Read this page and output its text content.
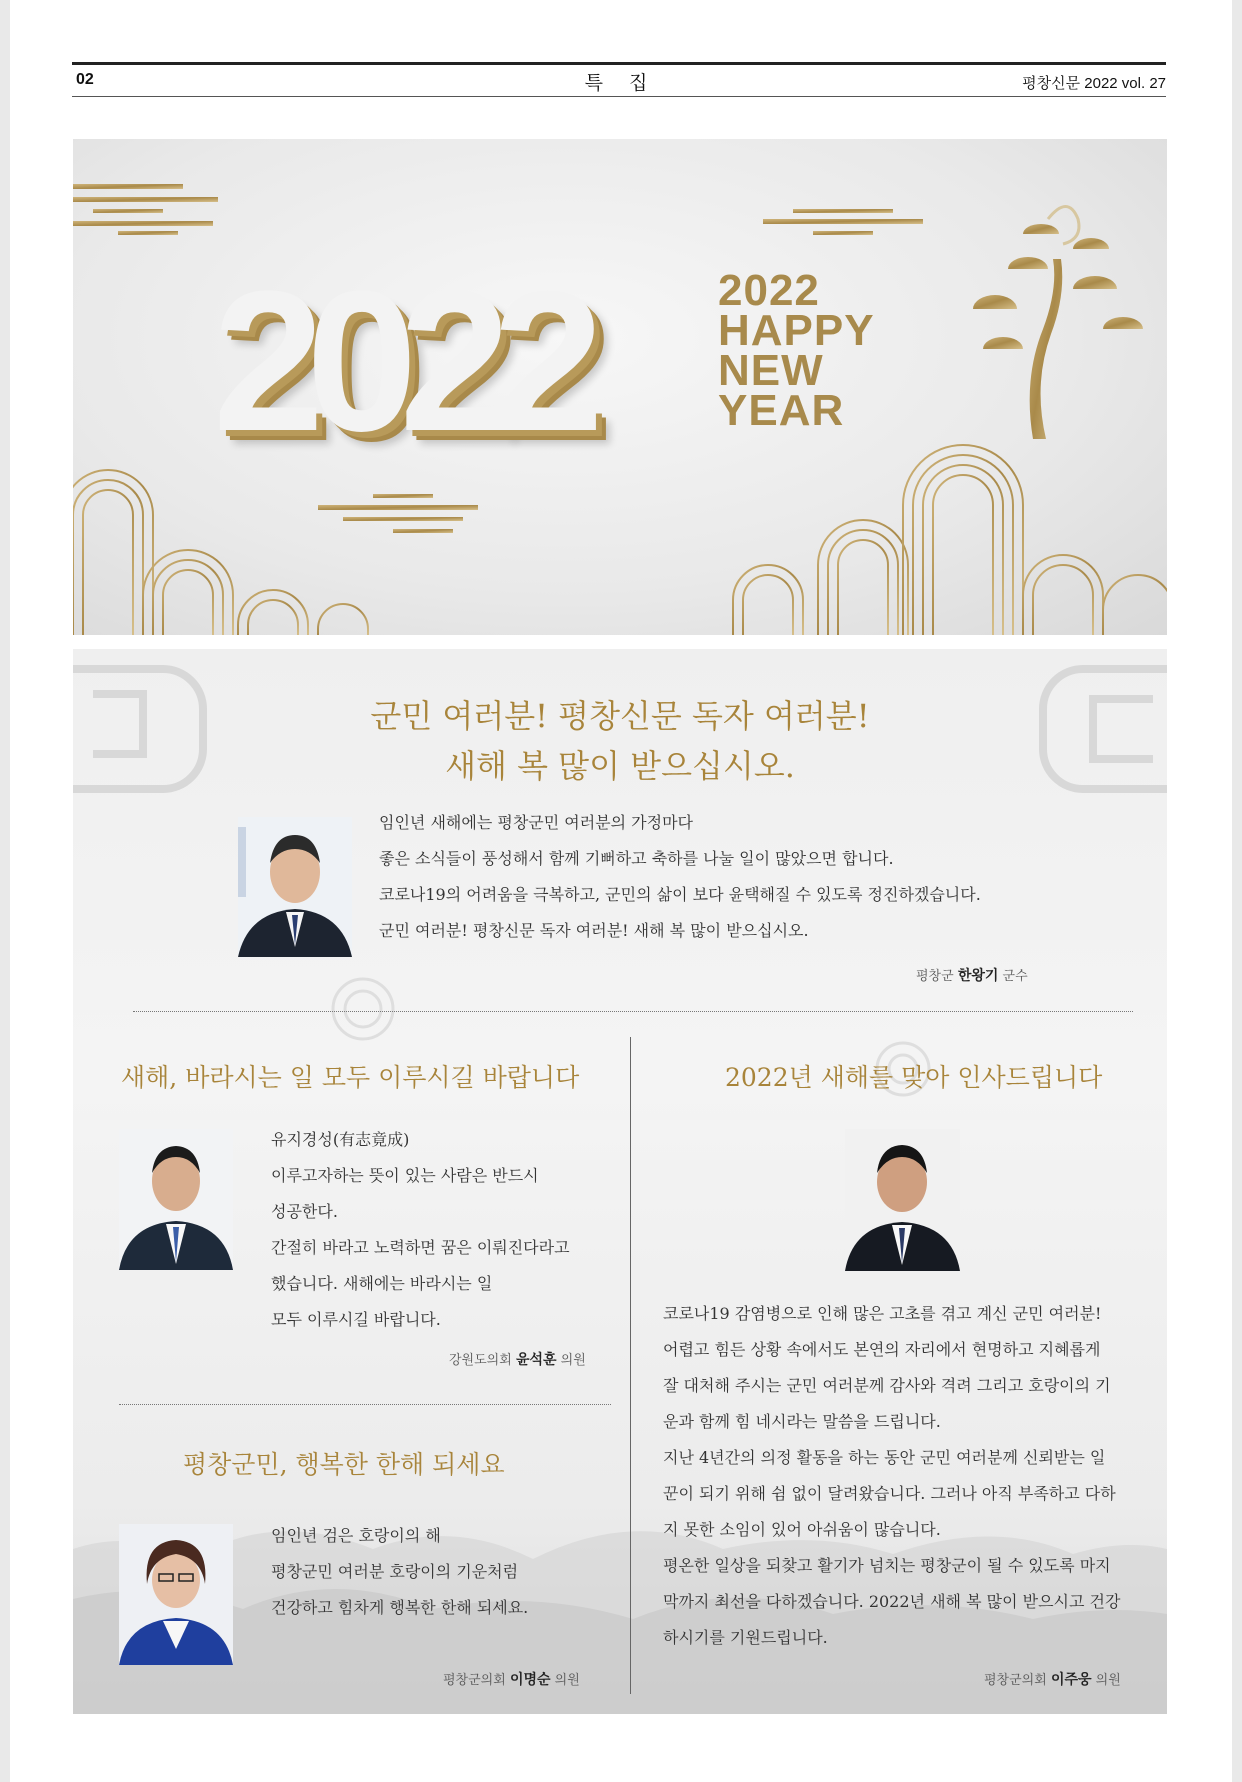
02	특 집	평창신문 2022 vol. 27
2022	2022
HAPPY
NEW
YEAR
군민 여러분! 평창신문 독자 여러분!
새해 복 많이 받으십시오.
임인년 새해에는 평창군민 여러분의 가정마다
좋은 소식들이 풍성해서 함께 기뻐하고 축하를 나눌 일이 많았으면 합니다.
코로나19의 어려움을 극복하고, 군민의 삶이 보다 윤택해질 수 있도록 정진하겠습니다.
군민 여러분! 평창신문 독자 여러분! 새해 복 많이 받으십시오.
평창군 한왕기 군수
새해, 바라시는 일 모두 이루시길 바랍니다
유지경성(有志竟成)
이루고자하는 뜻이 있는 사람은 반드시
성공한다.
간절히 바라고 노력하면 꿈은 이뤄진다라고
했습니다. 새해에는 바라시는 일
모두 이루시길 바랍니다.
강원도의회 윤석훈 의원
평창군민, 행복한 한해 되세요
임인년 검은 호랑이의 해
평창군민 여러분 호랑이의 기운처럼
건강하고 힘차게 행복한 한해 되세요.
평창군의회 이명순 의원
2022년 새해를 맞아 인사드립니다
코로나19 감염병으로 인해 많은 고초를 겪고 계신 군민 여러분!
어렵고 힘든 상황 속에서도 본연의 자리에서 현명하고 지혜롭게
잘 대처해 주시는 군민 여러분께 감사와 격려 그리고 호랑이의 기
운과 함께 힘 네시라는 말씀을 드립니다.
지난 4년간의 의정 활동을 하는 동안 군민 여러분께 신뢰받는 일
꾼이 되기 위해 쉼 없이 달려왔습니다. 그러나 아직 부족하고 다하
지 못한 소임이 있어 아쉬움이 많습니다.
평온한 일상을 되찾고 활기가 넘치는 평창군이 될 수 있도록 마지
막까지 최선을 다하겠습니다. 2022년 새해 복 많이 받으시고 건강
하시기를 기원드립니다.
평창군의회 이주웅 의원
